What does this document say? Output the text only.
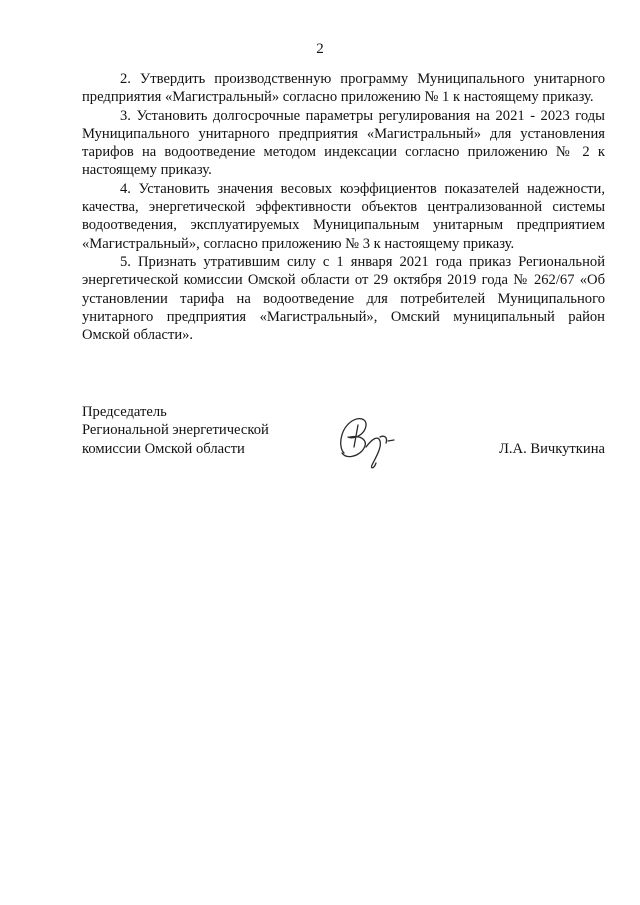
2

2. Утвердить производственную программу Муниципального унитарного предприятия «Магистральный» согласно приложению № 1 к настоящему приказу.

3. Установить долгосрочные параметры регулирования на 2021 - 2023 годы Муниципального унитарного предприятия «Магистральный» для установления тарифов на водоотведение методом индексации согласно приложению № 2 к настоящему приказу.

4. Установить значения весовых коэффициентов показателей надежности, качества, энергетической эффективности объектов централизованной системы водоотведения, эксплуатируемых Муниципальным унитарным предприятием «Магистральный», согласно приложению № 3 к настоящему приказу.

5. Признать утратившим силу с 1 января 2021 года приказ Региональной энергетической комиссии Омской области от 29 октября 2019 года № 262/67 «Об установлении тарифа на водоотведение для потребителей Муниципального унитарного предприятия «Магистральный», Омский муниципальный район Омской области».

Председатель
Региональной энергетической
комиссии Омской области	Л.А. Вичкуткина
